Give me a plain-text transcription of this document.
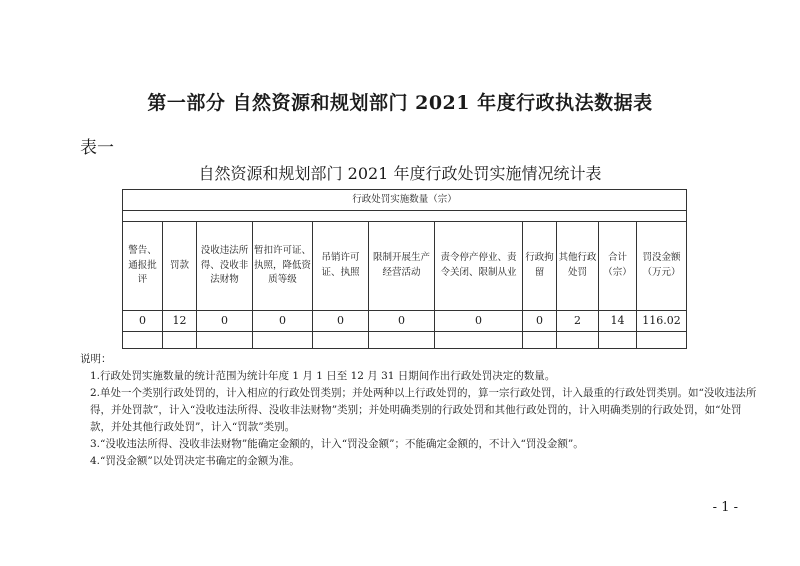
第一部分 自然资源和规划部门 2021 年度行政执法数据表
表一
自然资源和规划部门 2021 年度行政处罚实施情况统计表
行政处罚实施数量（宗）										

警告、通报批评	罚款	没收违法所得、没收非法财物	暂扣许可证、执照，降低资质等级	吊销许可证、执照	限制开展生产经营活动	责令停产停业、责令关闭、限制从业	行政拘留	其他行政处罚	合计（宗）	罚没金额（万元）
0	12	0	0	0	0	0	0	2	14	116.02

说明：

1.行政处罚实施数量的统计范围为统计年度 1 月 1 日至 12 月 31 日期间作出行政处罚决定的数量。

2.单处一个类别行政处罚的，计入相应的行政处罚类别；并处两种以上行政处罚的，算一宗行政处罚，计入最重的行政处罚类别。如“没收违法所得，并处罚款”，计入“没收违法所得、没收非法财物”类别；并处明确类别的行政处罚和其他行政处罚的，计入明确类别的行政处罚，如“处罚款，并处其他行政处罚”，计入“罚款”类别。

3.“没收违法所得、没收非法财物”能确定金额的，计入“罚没金额”；不能确定金额的，不计入“罚没金额”。

4.“罚没金额”以处罚决定书确定的金额为准。

- 1 -
